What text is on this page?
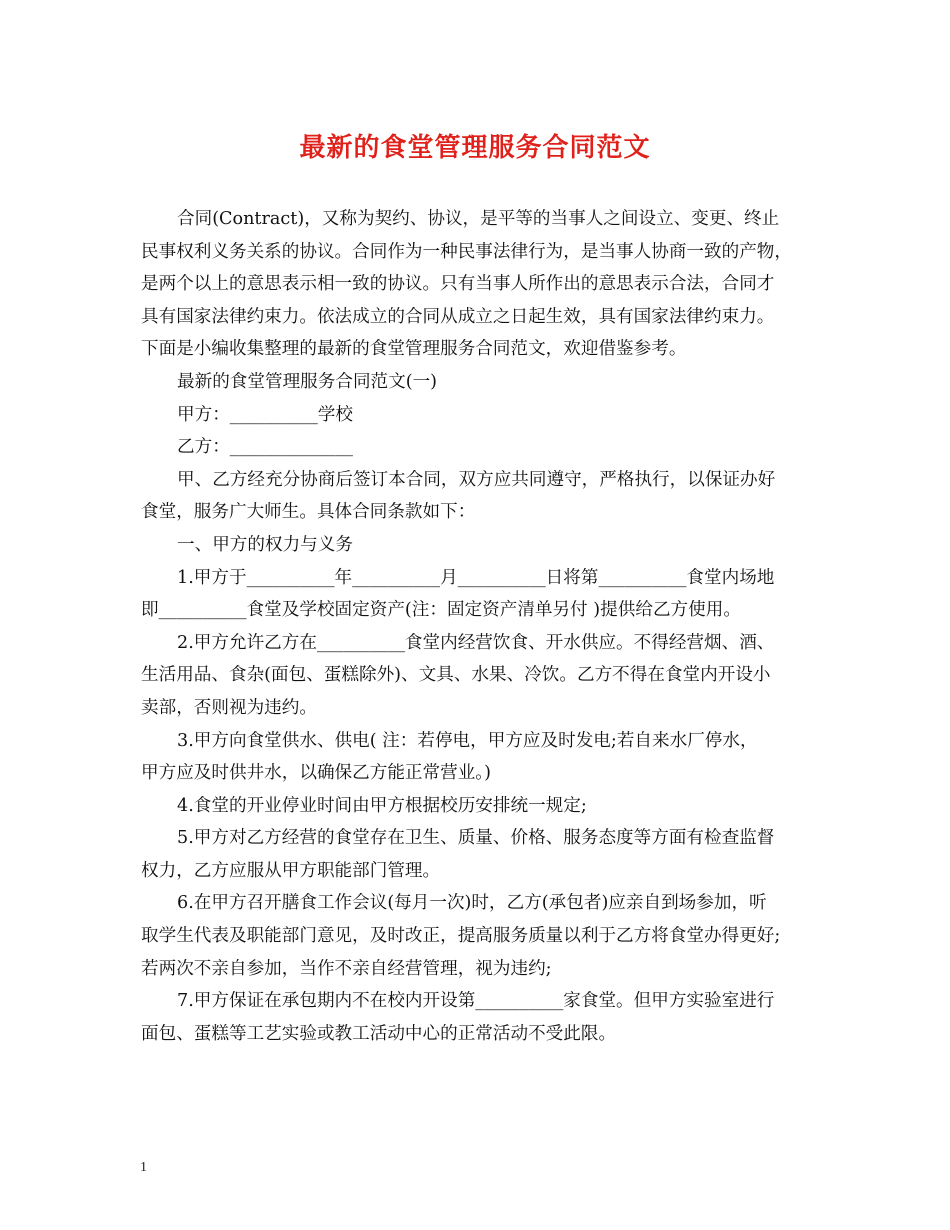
最新的食堂管理服务合同范文
合同(Contract)，又称为契约、协议，是平等的当事人之间设立、变更、终止
民事权利义务关系的协议。合同作为一种民事法律行为，是当事人协商一致的产物，
是两个以上的意思表示相一致的协议。只有当事人所作出的意思表示合法，合同才
具有国家法律约束力。依法成立的合同从成立之日起生效，具有国家法律约束力。
下面是小编收集整理的最新的食堂管理服务合同范文，欢迎借鉴参考。
最新的食堂管理服务合同范文(一)
甲方：__________学校
乙方：______________
甲、乙方经充分协商后签订本合同，双方应共同遵守，严格执行，以保证办好
食堂，服务广大师生。具体合同条款如下：
一、甲方的权力与义务
1.甲方于__________年__________月__________日将第__________食堂内场地
即__________食堂及学校固定资产(注：固定资产清单另付 )提供给乙方使用。
2.甲方允许乙方在__________食堂内经营饮食、开水供应。不得经营烟、酒、
生活用品、食杂(面包、蛋糕除外)、文具、水果、冷饮。乙方不得在食堂内开设小
卖部，否则视为违约。
3.甲方向食堂供水、供电( 注：若停电，甲方应及时发电;若自来水厂停水，
甲方应及时供井水，以确保乙方能正常营业。)
4.食堂的开业停业时间由甲方根据校历安排统一规定;
5.甲方对乙方经营的食堂存在卫生、质量、价格、服务态度等方面有检查监督
权力，乙方应服从甲方职能部门管理。
6.在甲方召开膳食工作会议(每月一次)时，乙方(承包者)应亲自到场参加，听
取学生代表及职能部门意见，及时改正，提高服务质量以利于乙方将食堂办得更好;
若两次不亲自参加，当作不亲自经营管理，视为违约;
7.甲方保证在承包期内不在校内开设第__________家食堂。但甲方实验室进行
面包、蛋糕等工艺实验或教工活动中心的正常活动不受此限。
1
